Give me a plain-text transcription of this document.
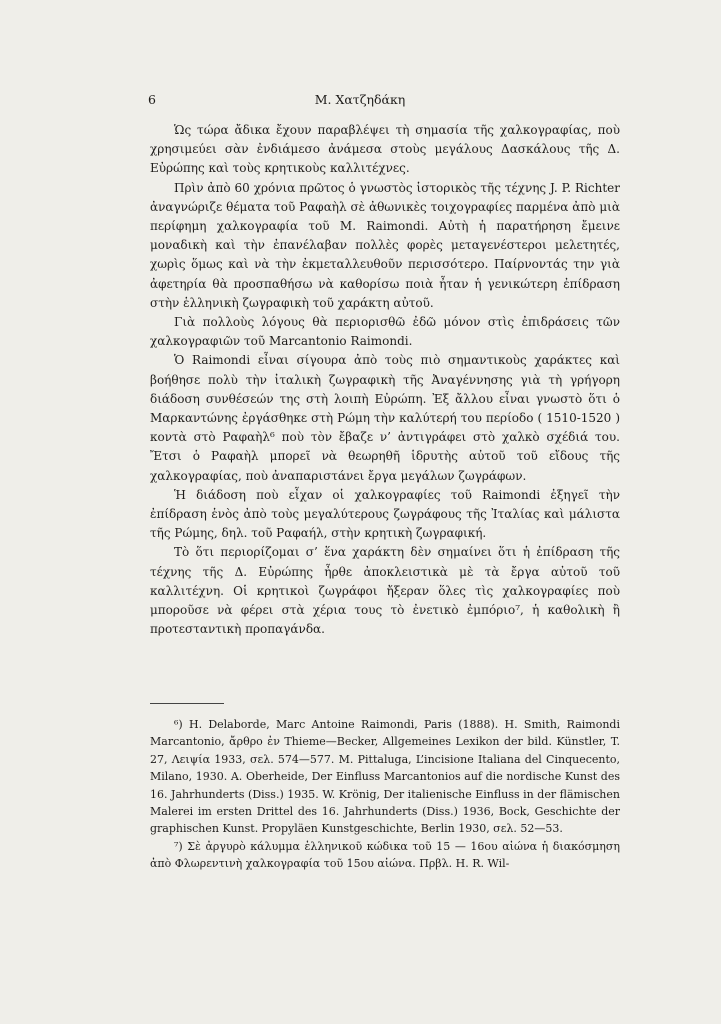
6	Μ. Χατζηδάκη

Ὡς τώρα ἄδικα ἔχουν παραβλέψει τὴ σημασία τῆς χαλκογραφίας, ποὺ χρησιμεύει σὰν ἐνδιάμεσο ἀνάμεσα στοὺς μεγάλους Δασκάλους τῆς Δ. Εὐρώπης καὶ τοὺς κρητικοὺς καλλιτέχνες.

Πρὶν ἀπὸ 60 χρόνια πρῶτος ὁ γνωστὸς ἱστορικὸς τῆς τέχνης J. P. Richter ἀναγνώριζε θέματα τοῦ Ραφαὴλ σὲ ἀθωνικὲς τοιχογραφίες παρμένα ἀπὸ μιὰ περίφημη χαλκογραφία τοῦ M. Raimondi. Αὐτὴ ἡ παρατήρηση ἔμεινε μοναδικὴ καὶ τὴν ἐπανέλαβαν πολλὲς φορὲς μεταγενέστεροι μελετητές, χωρὶς ὅμως καὶ νὰ τὴν ἐκμεταλλευθοῦν περισσότερο. Παίρνοντάς την γιὰ ἀφετηρία θὰ προσπαθήσω νὰ καθορίσω ποιὰ ἦταν ἡ γενικώτερη ἐπίδραση στὴν ἑλληνικὴ ζωγραφικὴ τοῦ χαράκτη αὐτοῦ.

Γιὰ πολλοὺς λόγους θὰ περιορισθῶ ἐδῶ μόνον στὶς ἐπιδράσεις τῶν χαλκογραφιῶν τοῦ Marcantonio Raimondi.

Ὁ Raimondi εἶναι σίγουρα ἀπὸ τοὺς πιὸ σημαντικοὺς χαράκτες καὶ βοήθησε πολὺ τὴν ἰταλικὴ ζωγραφικὴ τῆς Ἀναγέννησης γιὰ τὴ γρήγορη διάδοση συνθέσεών της στὴ λοιπὴ Εὐρώπη. Ἐξ ἄλλου εἶναι γνωστὸ ὅτι ὁ Μαρκαντώνης ἐργάσθηκε στὴ Ρώμη τὴν καλύτερή του περίοδο ( 1510-1520 ) κοντὰ στὸ Ραφαὴλ⁶ ποὺ τὸν ἔβαζε ν’ ἀντιγράφει στὸ χαλκὸ σχέδιά του. Ἔτσι ὁ Ραφαὴλ μπορεῖ νὰ θεωρηθῆ ἱδρυτὴς αὐτοῦ τοῦ εἴδους τῆς χαλκογραφίας, ποὺ ἀναπαριστάνει ἔργα μεγάλων ζωγράφων.

Ἡ διάδοση ποὺ εἶχαν οἱ χαλκογραφίες τοῦ Raimondi ἐξηγεῖ τὴν ἐπίδραση ἑνὸς ἀπὸ τοὺς μεγαλύτερους ζωγράφους τῆς Ἰταλίας καὶ μάλιστα τῆς Ρώμης, δηλ. τοῦ Ραφαήλ, στὴν κρητικὴ ζωγραφική.

Τὸ ὅτι περιορίζομαι σ’ ἕνα χαράκτη δὲν σημαίνει ὅτι ἡ ἐπίδραση τῆς τέχνης τῆς Δ. Εὐρώπης ἦρθε ἀποκλειστικὰ μὲ τὰ ἔργα αὐτοῦ τοῦ καλλιτέχνη. Οἱ κρητικοὶ ζωγράφοι ἤξεραν ὅλες τὶς χαλκογραφίες ποὺ μποροῦσε νὰ φέρει στὰ χέρια τους τὸ ἐνετικὸ ἐμπόριο⁷, ἡ καθολικὴ ἢ προτεσταντικὴ προπαγάνδα.

⁶) H. Delaborde, Marc Antoine Raimondi, Paris (1888). H. Smith, Raimondi Marcantonio, ἄρθρο ἐν Thieme—Becker, Allgemeines Lexikon der bild. Künstler, T. 27, Λειψία 1933, σελ. 574—577. M. Pittaluga, L’incisione Italiana del Cinquecento, Milano, 1930. A. Oberheide, Der Einfluss Marcantonios auf die nordische Kunst des 16. Jahrhunderts (Diss.) 1935. W. Krönig, Der italienische Einfluss in der flämischen Malerei im ersten Drittel des 16. Jahrhunderts (Diss.) 1936, Bock, Geschichte der graphischen Kunst. Propyläen Kunstgeschichte, Berlin 1930, σελ. 52—53.

⁷) Σὲ ἀργυρὸ κάλυμμα ἑλληνικοῦ κώδικα τοῦ 15 — 16ου αἰώνα ἡ διακόσμηση ἀπὸ Φλωρεντινὴ χαλκογραφία τοῦ 15ου αἰώνα. Πρβλ. H. R. Wil-
